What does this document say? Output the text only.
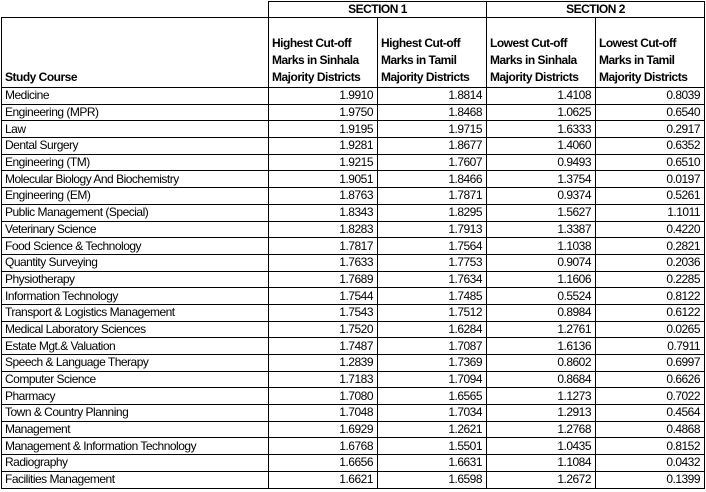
	SECTION 1		SECTION 2	
Study Course	Highest Cut-off Marks in Sinhala Majority Districts	Highest Cut-off Marks in Tamil Majority Districts	Lowest Cut-off Marks in Sinhala Majority Districts	Lowest Cut-off Marks in Tamil Majority Districts
Medicine	1.9910	1.8814	1.4108	0.8039
Engineering (MPR)	1.9750	1.8468	1.0625	0.6540
Law	1.9195	1.9715	1.6333	0.2917
Dental Surgery	1.9281	1.8677	1.4060	0.6352
Engineering (TM)	1.9215	1.7607	0.9493	0.6510
Molecular Biology And Biochemistry	1.9051	1.8466	1.3754	0.0197
Engineering (EM)	1.8763	1.7871	0.9374	0.5261
Public Management (Special)	1.8343	1.8295	1.5627	1.1011
Veterinary Science	1.8283	1.7913	1.3387	0.4220
Food Science & Technology	1.7817	1.7564	1.1038	0.2821
Quantity Surveying	1.7633	1.7753	0.9074	0.2036
Physiotherapy	1.7689	1.7634	1.1606	0.2285
Information Technology	1.7544	1.7485	0.5524	0.8122
Transport & Logistics Management	1.7543	1.7512	0.8984	0.6122
Medical Laboratory Sciences	1.7520	1.6284	1.2761	0.0265
Estate Mgt.& Valuation	1.7487	1.7087	1.6136	0.7911
Speech & Language Therapy	1.2839	1.7369	0.8602	0.6997
Computer Science	1.7183	1.7094	0.8684	0.6626
Pharmacy	1.7080	1.6565	1.1273	0.7022
Town & Country Planning	1.7048	1.7034	1.2913	0.4564
Management	1.6929	1.2621	1.2768	0.4868
Management & Information Technology	1.6768	1.5501	1.0435	0.8152
Radiography	1.6656	1.6631	1.1084	0.0432
Facilities Management	1.6621	1.6598	1.2672	0.1399
